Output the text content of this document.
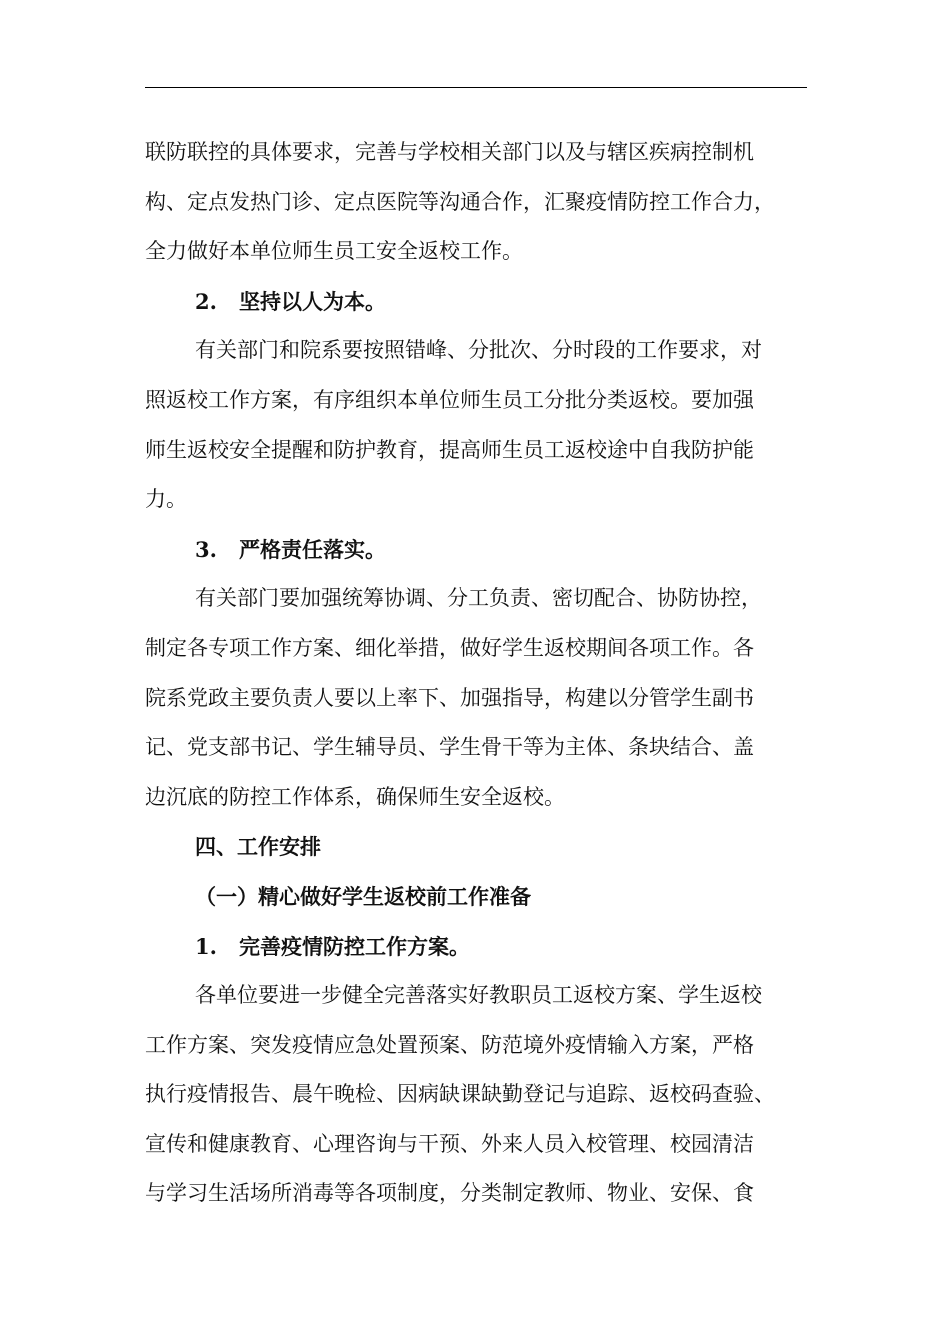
联防联控的具体要求，完善与学校相关部门以及与辖区疾病控制机
构、定点发热门诊、定点医院等沟通合作，汇聚疫情防控工作合力，
全力做好本单位师生员工安全返校工作。
2. 坚持以人为本。
有关部门和院系要按照错峰、分批次、分时段的工作要求，对
照返校工作方案，有序组织本单位师生员工分批分类返校。要加强
师生返校安全提醒和防护教育，提高师生员工返校途中自我防护能
力。
3. 严格责任落实。
有关部门要加强统筹协调、分工负责、密切配合、协防协控，
制定各专项工作方案、细化举措，做好学生返校期间各项工作。各
院系党政主要负责人要以上率下、加强指导，构建以分管学生副书
记、党支部书记、学生辅导员、学生骨干等为主体、条块结合、盖
边沉底的防控工作体系，确保师生安全返校。
四、工作安排
（一）精心做好学生返校前工作准备
1. 完善疫情防控工作方案。
各单位要进一步健全完善落实好教职员工返校方案、学生返校
工作方案、突发疫情应急处置预案、防范境外疫情输入方案，严格
执行疫情报告、晨午晚检、因病缺课缺勤登记与追踪、返校码查验、
宣传和健康教育、心理咨询与干预、外来人员入校管理、校园清洁
与学习生活场所消毒等各项制度，分类制定教师、物业、安保、食
